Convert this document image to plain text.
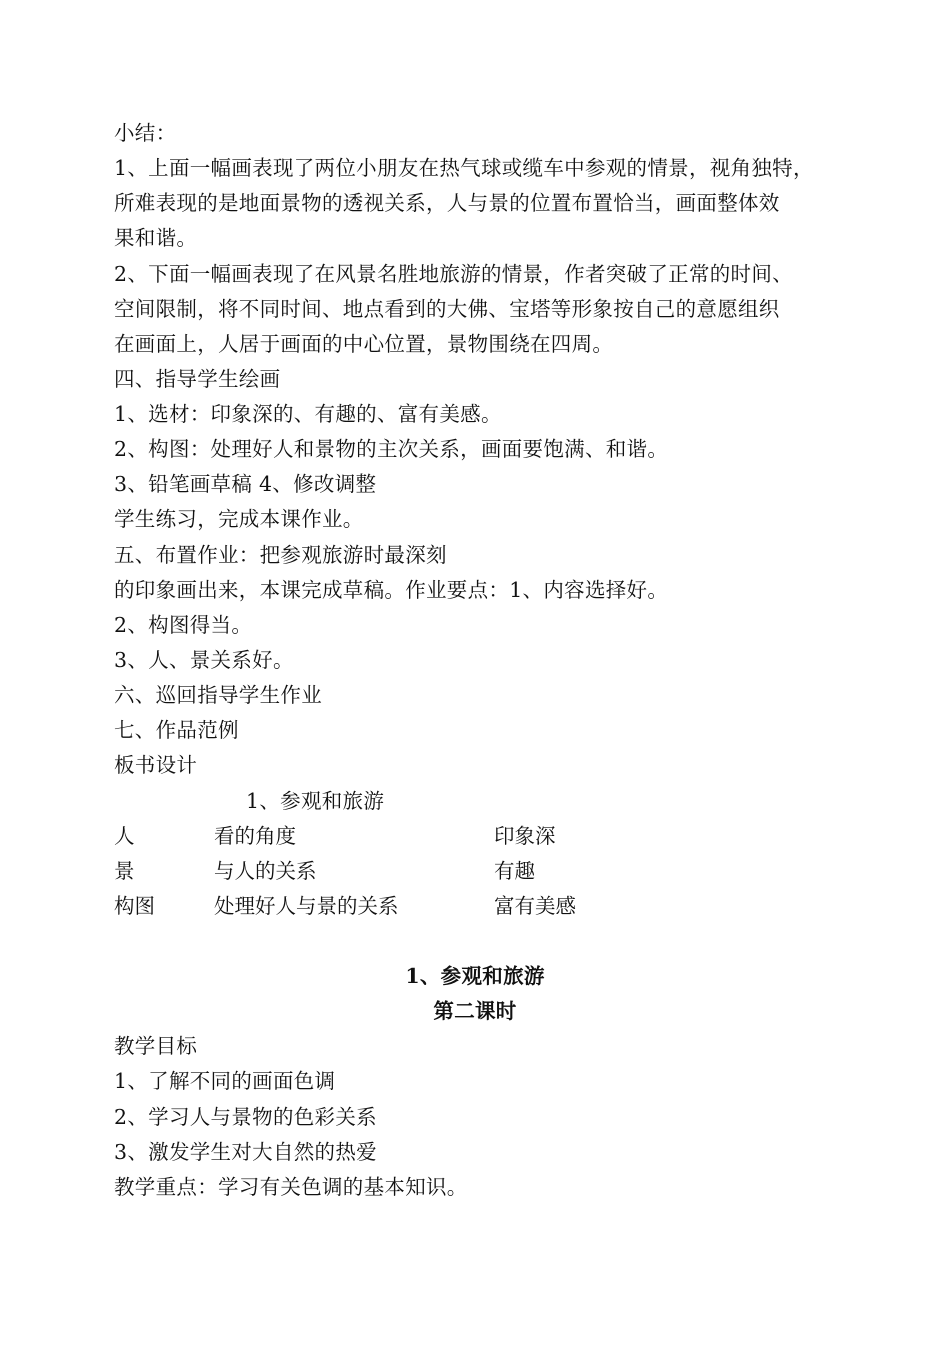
小结：
1、上面一幅画表现了两位小朋友在热气球或缆车中参观的情景，视角独特，
所难表现的是地面景物的透视关系，人与景的位置布置恰当，画面整体效
果和谐。
2、下面一幅画表现了在风景名胜地旅游的情景，作者突破了正常的时间、
空间限制，将不同时间、地点看到的大佛、宝塔等形象按自己的意愿组织
在画面上，人居于画面的中心位置，景物围绕在四周。
四、指导学生绘画
1、选材：印象深的、有趣的、富有美感。
2、构图：处理好人和景物的主次关系，画面要饱满、和谐。
3、铅笔画草稿 4、修改调整
学生练习，完成本课作业。
五、布置作业：把参观旅游时最深刻
的印象画出来，本课完成草稿。作业要点：1、内容选择好。
2、构图得当。
3、人、景关系好。
六、巡回指导学生作业
七、作品范例
板书设计
1、参观和旅游
人	看的角度	印象深
景	与人的关系	有趣
构图	处理好人与景的关系	富有美感
1、参观和旅游
第二课时
教学目标
1、了解不同的画面色调
2、学习人与景物的色彩关系
3、激发学生对大自然的热爱
教学重点：学习有关色调的基本知识。
